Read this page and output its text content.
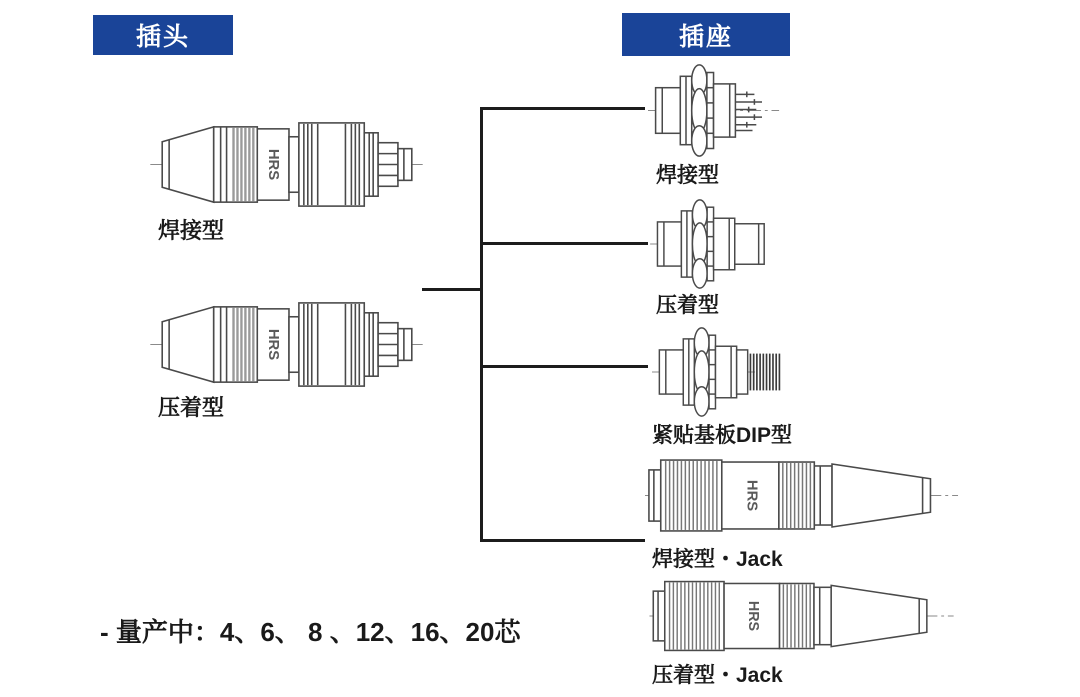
插头	插座
HRS
HRS
HRS
HRS
焊接型
压着型
焊接型
压着型
紧贴基板DIP型
焊接型・Jack
压着型・Jack
- 量产中：4、6、 8 、12、16、20芯
